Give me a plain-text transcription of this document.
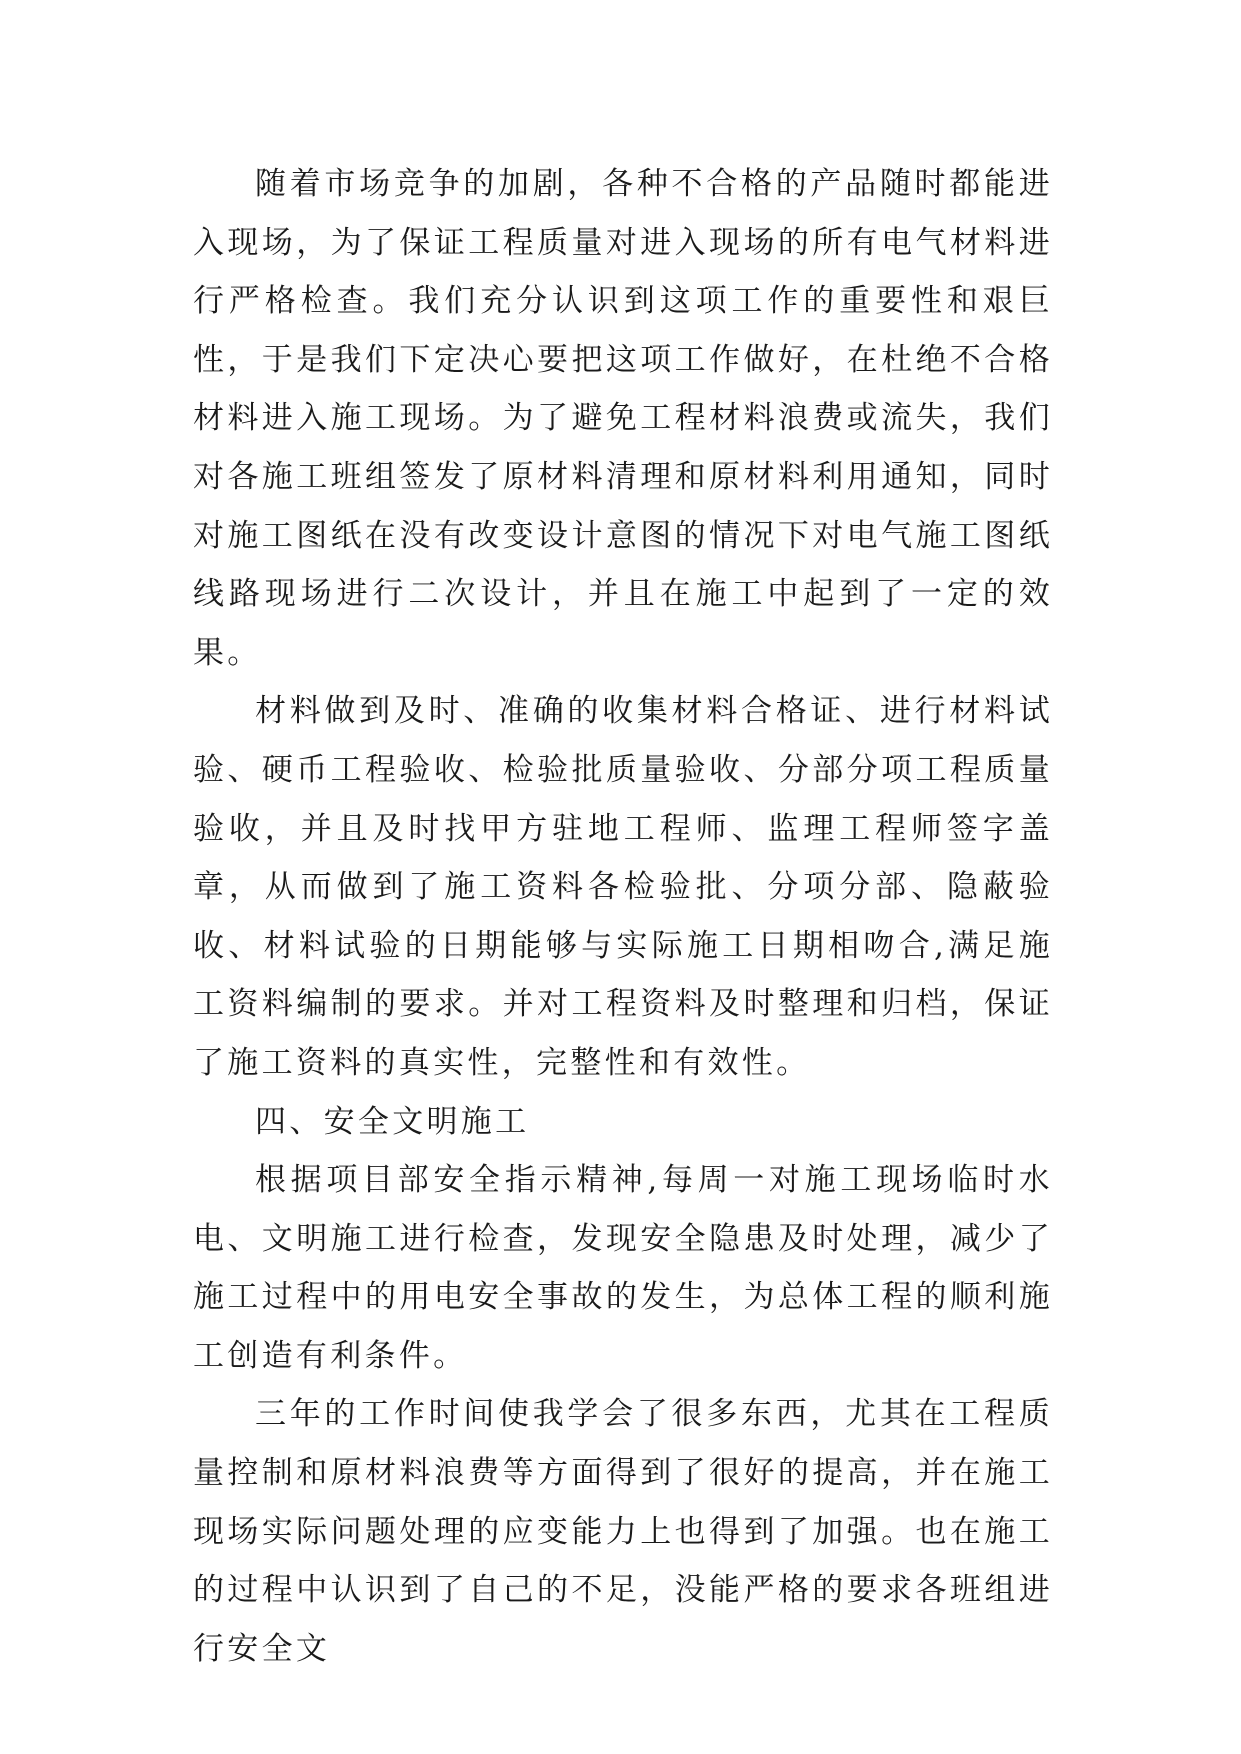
随着市场竞争的加剧，各种不合格的产品随时都能进入现场，为了保证工程质量对进入现场的所有电气材料进行严格检查。我们充分认识到这项工作的重要性和艰巨性，于是我们下定决心要把这项工作做好，在杜绝不合格材料进入施工现场。为了避免工程材料浪费或流失，我们对各施工班组签发了原材料清理和原材料利用通知，同时对施工图纸在没有改变设计意图的情况下对电气施工图纸线路现场进行二次设计，并且在施工中起到了一定的效果。

材料做到及时、准确的收集材料合格证、进行材料试验、硬币工程验收、检验批质量验收、分部分项工程质量验收，并且及时找甲方驻地工程师、监理工程师签字盖章，从而做到了施工资料各检验批、分项分部、隐蔽验收、材料试验的日期能够与实际施工日期相吻合,满足施工资料编制的要求。并对工程资料及时整理和归档，保证了施工资料的真实性，完整性和有效性。

四、安全文明施工

根据项目部安全指示精神,每周一对施工现场临时水电、文明施工进行检查，发现安全隐患及时处理，减少了施工过程中的用电安全事故的发生，为总体工程的顺利施工创造有利条件。

三年的工作时间使我学会了很多东西，尤其在工程质量控制和原材料浪费等方面得到了很好的提高，并在施工现场实际问题处理的应变能力上也得到了加强。也在施工的过程中认识到了自己的不足，没能严格的要求各班组进行安全文
